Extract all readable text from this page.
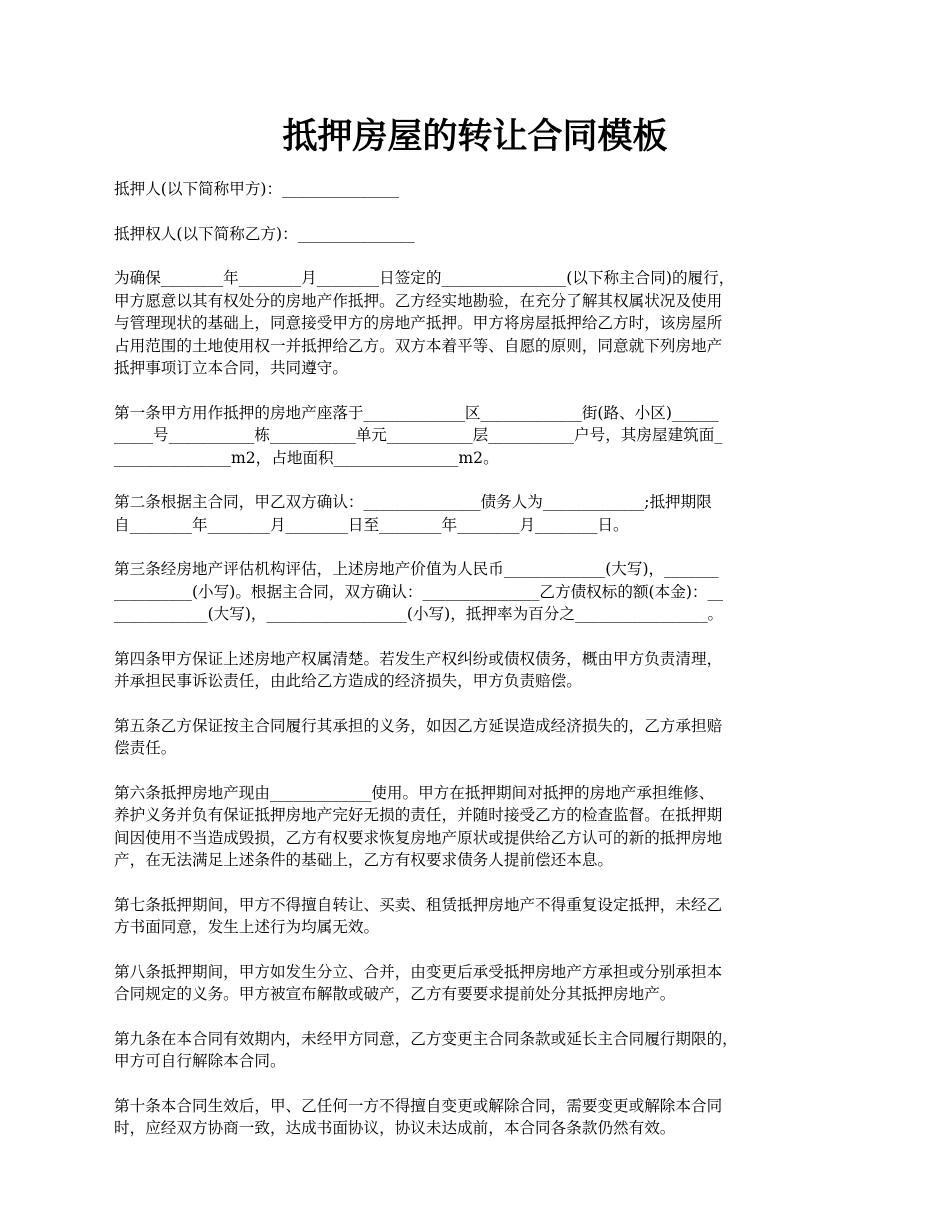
抵押房屋的转让合同模板
抵押人(以下简称甲方)：_______________
抵押权人(以下简称乙方)：_______________
为确保________年________月________日签定的________________(以下称主合同)的履行，
甲方愿意以其有权处分的房地产作抵押。乙方经实地勘验，在充分了解其权属状况及使用
与管理现状的基础上，同意接受甲方的房地产抵押。甲方将房屋抵押给乙方时，该房屋所
占用范围的土地使用权一并抵押给乙方。双方本着平等、自愿的原则，同意就下列房地产
抵押事项订立本合同，共同遵守。
第一条甲方用作抵押的房地产座落于_____________区_____________街(路、小区)______
_____号___________栋___________单元___________层___________户号，其房屋建筑面_
_______________m2，占地面积________________m2。
第二条根据主合同，甲乙双方确认：_______________债务人为_____________;抵押期限
自________年________月________日至________年________月________日。
第三条经房地产评估机构评估，上述房地产价值为人民币_____________(大写)，_______
__________(小写)。根据主合同，双方确认：_______________乙方债权标的额(本金)：__
____________(大写)，__________________(小写)，抵押率为百分之_________________。
第四条甲方保证上述房地产权属清楚。若发生产权纠纷或债权债务，概由甲方负责清理，
并承担民事诉讼责任，由此给乙方造成的经济损失，甲方负责赔偿。
第五条乙方保证按主合同履行其承担的义务，如因乙方延误造成经济损失的，乙方承担赔
偿责任。
第六条抵押房地产现由_____________使用。甲方在抵押期间对抵押的房地产承担维修、
养护义务并负有保证抵押房地产完好无损的责任，并随时接受乙方的检查监督。在抵押期
间因使用不当造成毁损，乙方有权要求恢复房地产原状或提供给乙方认可的新的抵押房地
产，在无法满足上述条件的基础上，乙方有权要求债务人提前偿还本息。
第七条抵押期间，甲方不得擅自转让、买卖、租赁抵押房地产不得重复设定抵押，未经乙
方书面同意，发生上述行为均属无效。
第八条抵押期间，甲方如发生分立、合并，由变更后承受抵押房地产方承担或分别承担本
合同规定的义务。甲方被宣布解散或破产，乙方有要要求提前处分其抵押房地产。
第九条在本合同有效期内，未经甲方同意，乙方变更主合同条款或延长主合同履行期限的，
甲方可自行解除本合同。
第十条本合同生效后，甲、乙任何一方不得擅自变更或解除合同，需要变更或解除本合同
时，应经双方协商一致，达成书面协议，协议未达成前，本合同各条款仍然有效。
